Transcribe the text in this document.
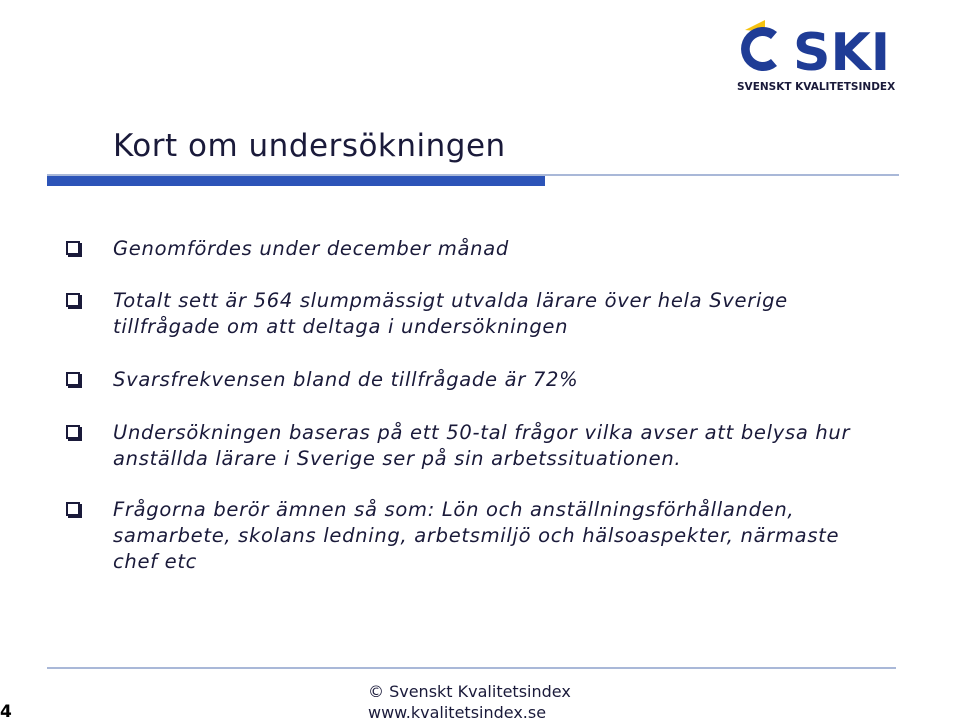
SKI
SVENSKT KVALITETSINDEX
Kort om undersökningen

Genomfördes under december månad

Totalt sett är 564 slumpmässigt utvalda lärare över hela Sverige
tillfrågade om att deltaga i undersökningen

Svarsfrekvensen bland de tillfrågade är 72%

Undersökningen baseras på ett 50-tal frågor vilka avser att belysa hur
anställda lärare i Sverige ser på sin arbetssituationen.

Frågorna berör ämnen så som: Lön och anställningsförhållanden,
samarbete, skolans ledning, arbetsmiljö och hälsoaspekter, närmaste
chef etc

4
© Svenskt Kvalitetsindex
www.kvalitetsindex.se
